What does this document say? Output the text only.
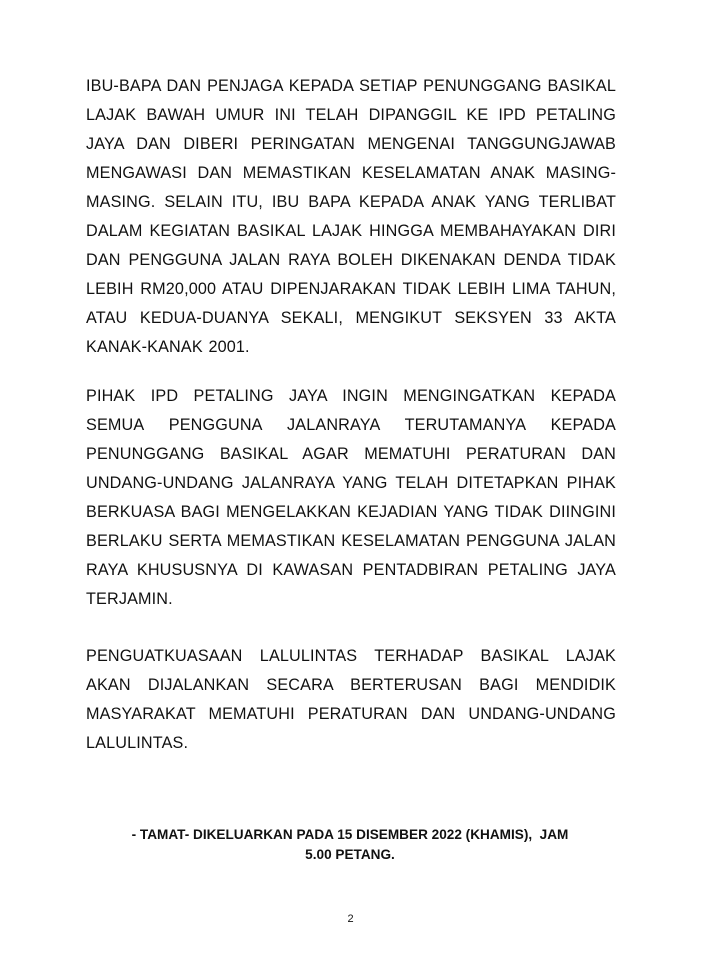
IBU-BAPA DAN PENJAGA KEPADA SETIAP PENUNGGANG BASIKAL LAJAK BAWAH UMUR INI TELAH DIPANGGIL KE IPD PETALING JAYA DAN DIBERI PERINGATAN MENGENAI TANGGUNGJAWAB MENGAWASI DAN MEMASTIKAN KESELAMATAN ANAK MASING-MASING. SELAIN ITU, IBU BAPA KEPADA ANAK YANG TERLIBAT DALAM KEGIATAN BASIKAL LAJAK HINGGA MEMBAHAYAKAN DIRI DAN PENGGUNA JALAN RAYA BOLEH DIKENAKAN DENDA TIDAK LEBIH RM20,000 ATAU DIPENJARAKAN TIDAK LEBIH LIMA TAHUN, ATAU KEDUA-DUANYA SEKALI, MENGIKUT SEKSYEN 33 AKTA KANAK-KANAK 2001.

PIHAK IPD PETALING JAYA INGIN MENGINGATKAN KEPADA SEMUA PENGGUNA JALANRAYA TERUTAMANYA KEPADA PENUNGGANG BASIKAL AGAR MEMATUHI PERATURAN DAN UNDANG-UNDANG JALANRAYA YANG TELAH DITETAPKAN PIHAK BERKUASA BAGI MENGELAKKAN KEJADIAN YANG TIDAK DIINGINI BERLAKU SERTA MEMASTIKAN KESELAMATAN PENGGUNA JALAN RAYA KHUSUSNYA DI KAWASAN PENTADBIRAN PETALING JAYA TERJAMIN.

PENGUATKUASAAN LALULINTAS TERHADAP BASIKAL LAJAK AKAN DIJALANKAN SECARA BERTERUSAN BAGI MENDIDIK MASYARAKAT MEMATUHI PERATURAN DAN UNDANG-UNDANG LALULINTAS.

- TAMAT- DIKELUARKAN PADA 15 DISEMBER 2022 (KHAMIS),  JAM
5.00 PETANG.
2
